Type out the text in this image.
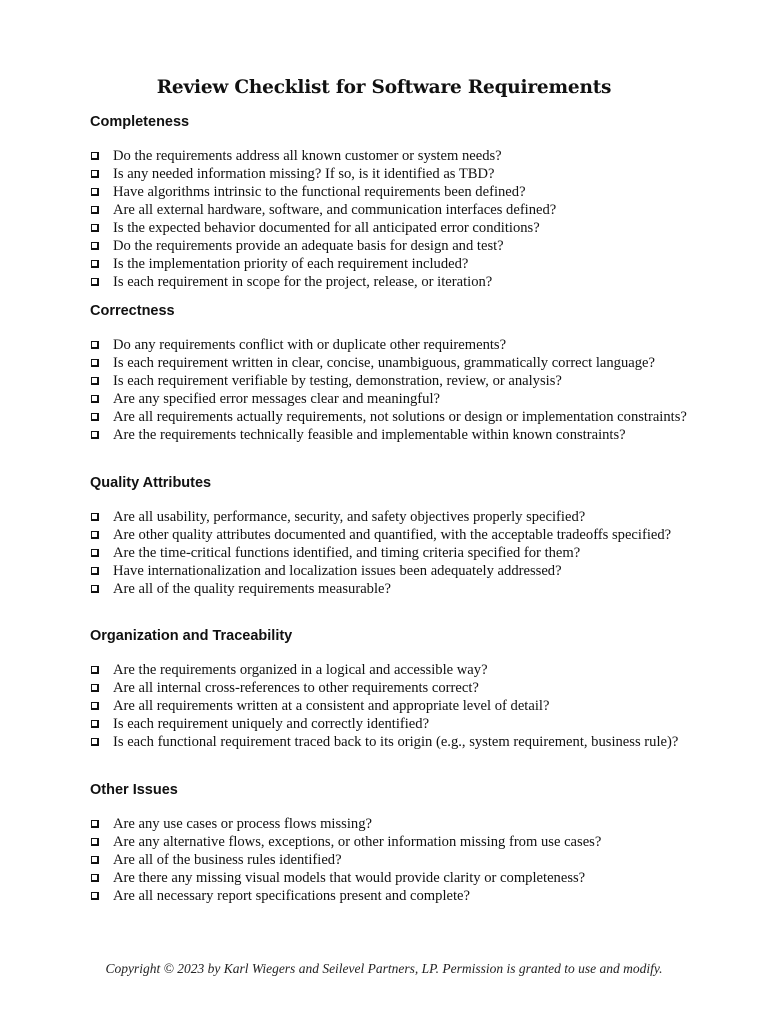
Review Checklist for Software Requirements
Completeness
Do the requirements address all known customer or system needs?
Is any needed information missing? If so, is it identified as TBD?
Have algorithms intrinsic to the functional requirements been defined?
Are all external hardware, software, and communication interfaces defined?
Is the expected behavior documented for all anticipated error conditions?
Do the requirements provide an adequate basis for design and test?
Is the implementation priority of each requirement included?
Is each requirement in scope for the project, release, or iteration?
Correctness
Do any requirements conflict with or duplicate other requirements?
Is each requirement written in clear, concise, unambiguous, grammatically correct language?
Is each requirement verifiable by testing, demonstration, review, or analysis?
Are any specified error messages clear and meaningful?
Are all requirements actually requirements, not solutions or design or implementation constraints?
Are the requirements technically feasible and implementable within known constraints?
Quality Attributes
Are all usability, performance, security, and safety objectives properly specified?
Are other quality attributes documented and quantified, with the acceptable tradeoffs specified?
Are the time-critical functions identified, and timing criteria specified for them?
Have internationalization and localization issues been adequately addressed?
Are all of the quality requirements measurable?
Organization and Traceability
Are the requirements organized in a logical and accessible way?
Are all internal cross-references to other requirements correct?
Are all requirements written at a consistent and appropriate level of detail?
Is each requirement uniquely and correctly identified?
Is each functional requirement traced back to its origin (e.g., system requirement, business rule)?
Other Issues
Are any use cases or process flows missing?
Are any alternative flows, exceptions, or other information missing from use cases?
Are all of the business rules identified?
Are there any missing visual models that would provide clarity or completeness?
Are all necessary report specifications present and complete?
Copyright © 2023 by Karl Wiegers and Seilevel Partners, LP. Permission is granted to use and modify.
